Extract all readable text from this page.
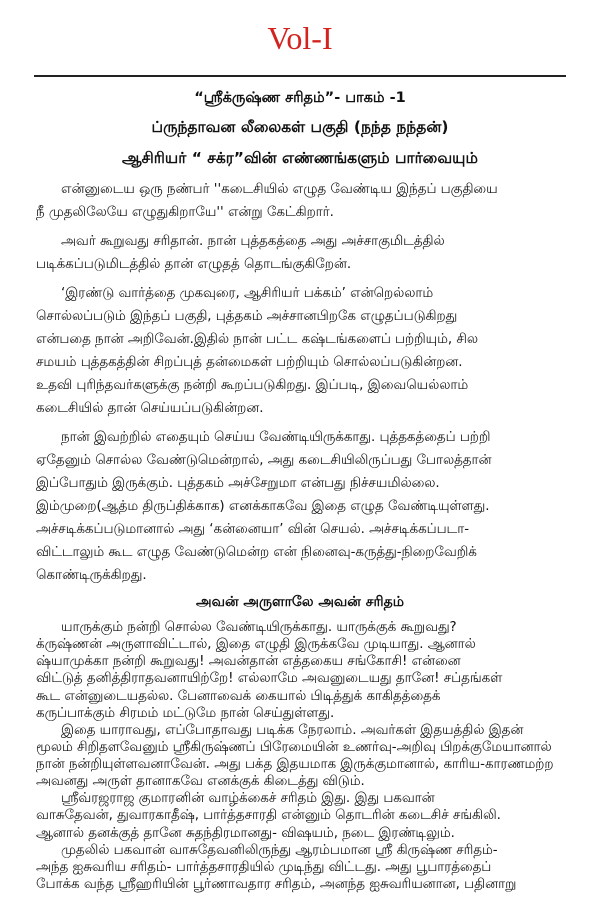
Vol-I
“ஸ்ரீக்ருஷ்ண சரிதம்”- பாகம் -1
ப்ருந்தாவன லீலைகள் பகுதி (நந்த நந்தன்)
ஆசிரியர் “ சக்ர”வின் எண்ணங்களும் பார்வையும்
என்னுடைய ஒரு நண்பர் ''கடைசியில் எழுத வேண்டிய இந்தப் பகுதியை
நீ முதலிலேயே எழுதுகிறாயே'' என்று கேட்கிறார்.
அவர் கூறுவது சரிதான். நான் புத்தகத்தை அது அச்சாகுமிடத்தில்
படிக்கப்படுமிடத்தில் தான் எழுதத் தொடங்குகிறேன்.
‘இரண்டு வார்த்தை முகவுரை, ஆசிரியர் பக்கம்’ என்றெல்லாம்
சொல்லப்படும் இந்தப் பகுதி, புத்தகம் அச்சானபிறகே எழுதப்படுகிறது
என்பதை நான் அறிவேன்.இதில் நான் பட்ட கஷ்டங்களைப் பற்றியும், சில
சமயம் புத்தகத்தின் சிறப்புத் தன்மைகள் பற்றியும் சொல்லப்படுகின்றன.
உதவி புரிந்தவர்களுக்கு நன்றி கூறப்படுகிறது. இப்படி, இவையெல்லாம்
கடைசியில் தான் செய்யப்படுகின்றன.
நான் இவற்றில் எதையும் செய்ய வேண்டியிருக்காது. புத்தகத்தைப் பற்றி
ஏதேனும் சொல்ல வேண்டுமென்றால், அது கடைசியிலிருப்பது போலத்தான்
இப்போதும் இருக்கும். புத்தகம் அச்சேறுமா என்பது நிச்சயமில்லை.
இம்முறை(ஆத்ம திருப்திக்காக) எனக்காகவே இதை எழுத வேண்டியுள்ளது.
அச்சடிக்கப்படுமானால் அது ‘கன்னையா’ வின் செயல். அச்சடிக்கப்படா-
விட்டாலும் கூட எழுத வேண்டுமென்ற என் நினைவு-கருத்து-நிறைவேறிக்
கொண்டிருக்கிறது.
அவன் அருளாலே அவன் சரிதம்
யாருக்கும் நன்றி சொல்ல வேண்டியிருக்காது. யாருக்குக் கூறுவது?
க்ருஷ்ணன் அருளாவிட்டால், இதை எழுதி இருக்கவே முடியாது. ஆனால்
ஷ்யாமுக்கா நன்றி கூறுவது! அவன்தான் எத்தகைய சங்கோசி! என்னை
விட்டுத் தனித்திராதவனாயிற்றே! எல்லாமே அவனுடையது தானே! சப்தங்கள்
கூட என்னுடையதல்ல. பேனாவைக் கையால் பிடித்துக் காகிதத்தைக்
கருப்பாக்கும் சிரமம் மட்டுமே நான் செய்துள்ளது.
இதை யாராவது, எப்போதாவது படிக்க நேரலாம். அவர்கள் இதயத்தில் இதன்
மூலம் சிறிதளவேனும் ஸ்ரீகிருஷ்ணப் பிரேமையின் உணர்வு-அறிவு பிறக்குமேயானால்
நான் நன்றியுள்ளவனாவேன். அது பக்த இதயமாக இருக்குமானால், காரிய-காரணமற்ற
அவனது அருள் தானாகவே எனக்குக் கிடைத்து விடும்.
ஸ்ரீவ்ரஜராஜ குமாரனின் வாழ்க்கைச் சரிதம் இது. இது பகவான்
வாசுதேவன், துவாரகாதீஷ், பார்த்தசாரதி என்னும் தொடரின் கடைசிச் சங்கிலி.
ஆனால் தனக்குத் தானே சுதந்திரமானது- விஷயம், நடை இரண்டிலும்.
முதலில் பகவான் வாசுதேவனிலிருந்து ஆரம்பமான ஸ்ரீ கிருஷ்ண சரிதம்-
அந்த ஐசுவரிய சரிதம்- பார்த்தசாரதியில் முடிந்து விட்டது. அது பூபாரத்தைப்
போக்க வந்த ஸ்ரீஹரியின் பூர்ணாவதார சரிதம், அனந்த ஐசுவரியனான, பதினாறு
